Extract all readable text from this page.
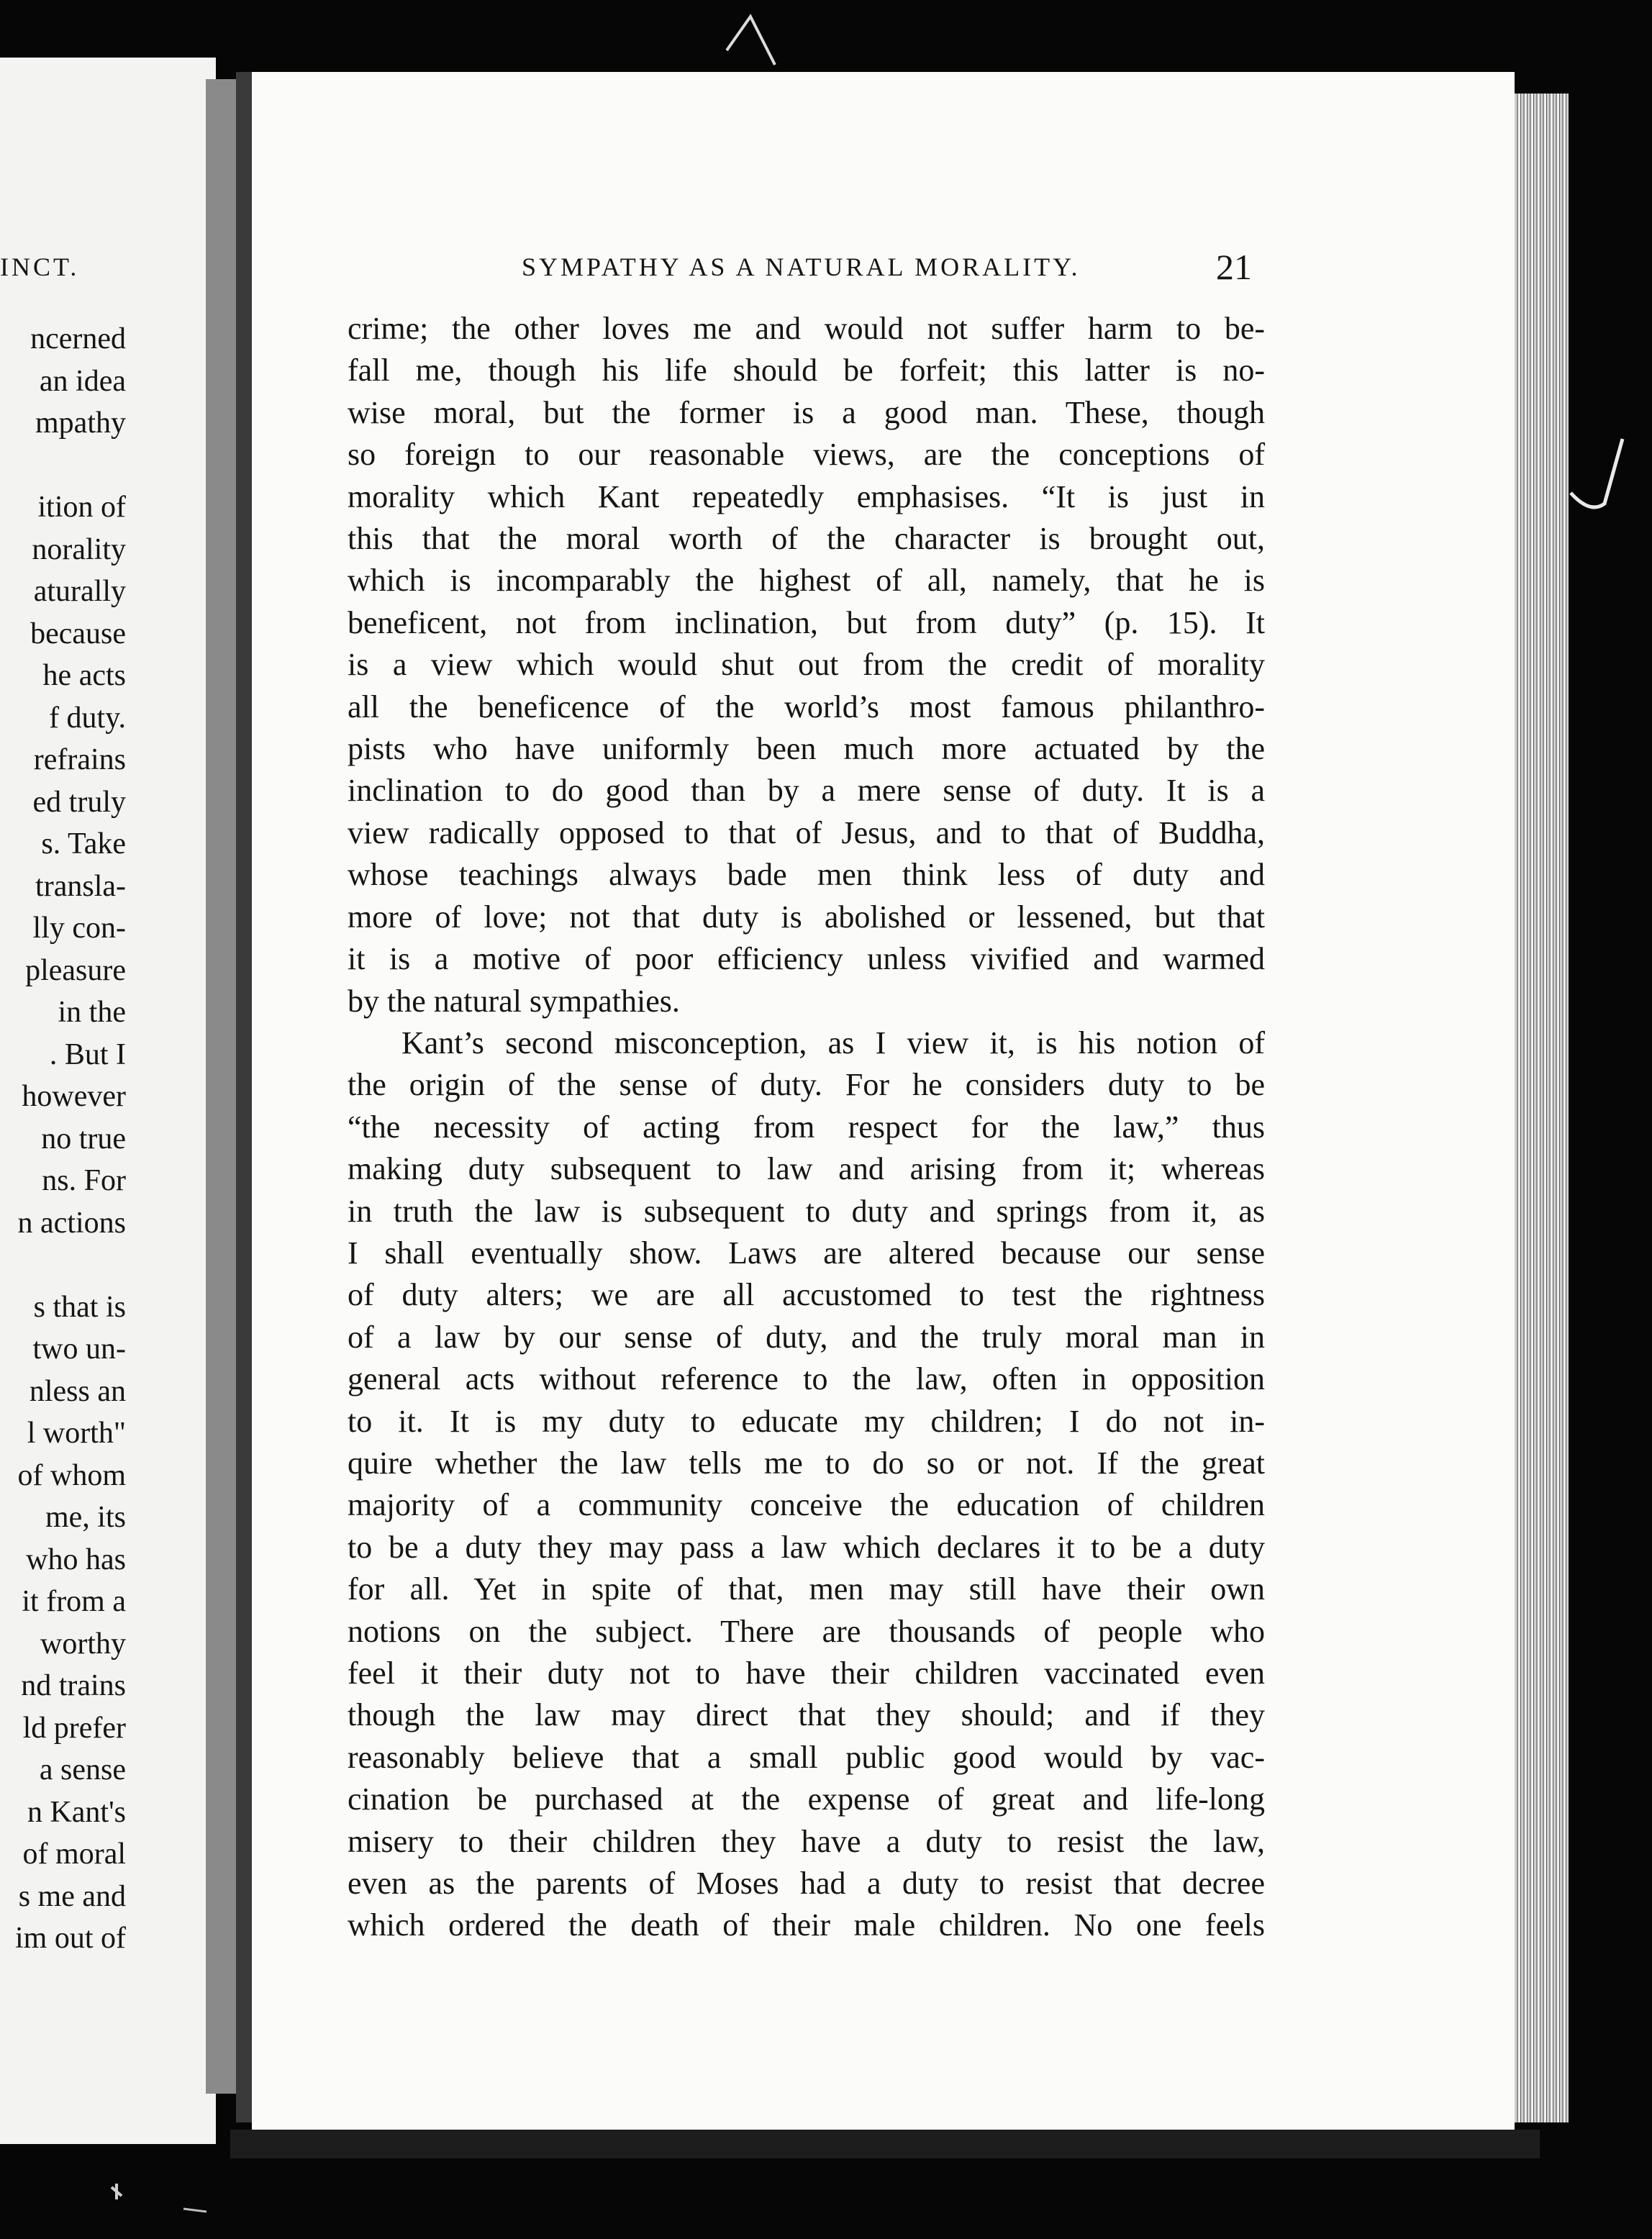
INCT.
ncerned
an idea
mpathy

ition of
norality
aturally
because
he acts
f duty.
refrains
ed truly
s. Take
transla-
lly con-
pleasure
in the
. But I
however
no true
ns. For
n actions

s that is
two un-
nless an
l worth"
of whom
me, its
who has
it from a
worthy
nd trains
ld prefer
a sense
n Kant's
of moral
s me and
im out of
SYMPATHY AS A NATURAL MORALITY.	21
crime; the other loves me and would not suffer harm to be-
fall me, though his life should be forfeit; this latter is no-
wise moral, but the former is a good man. These, though
so foreign to our reasonable views, are the conceptions of
morality which Kant repeatedly emphasises. “It is just in
this that the moral worth of the character is brought out,
which is incomparably the highest of all, namely, that he is
beneficent, not from inclination, but from duty” (p. 15). It
is a view which would shut out from the credit of morality
all the beneficence of the world’s most famous philanthro-
pists who have uniformly been much more actuated by the
inclination to do good than by a mere sense of duty. It is a
view radically opposed to that of Jesus, and to that of Buddha,
whose teachings always bade men think less of duty and
more of love; not that duty is abolished or lessened, but that
it is a motive of poor efficiency unless vivified and warmed
by the natural sympathies.
Kant’s second misconception, as I view it, is his notion of
the origin of the sense of duty. For he considers duty to be
“the necessity of acting from respect for the law,” thus
making duty subsequent to law and arising from it; whereas
in truth the law is subsequent to duty and springs from it, as
I shall eventually show. Laws are altered because our sense
of duty alters; we are all accustomed to test the rightness
of a law by our sense of duty, and the truly moral man in
general acts without reference to the law, often in opposition
to it. It is my duty to educate my children; I do not in-
quire whether the law tells me to do so or not. If the great
majority of a community conceive the education of children
to be a duty they may pass a law which declares it to be a duty
for all. Yet in spite of that, men may still have their own
notions on the subject. There are thousands of people who
feel it their duty not to have their children vaccinated even
though the law may direct that they should; and if they
reasonably believe that a small public good would by vac-
cination be purchased at the expense of great and life-long
misery to their children they have a duty to resist the law,
even as the parents of Moses had a duty to resist that decree
which ordered the death of their male children. No one feels
